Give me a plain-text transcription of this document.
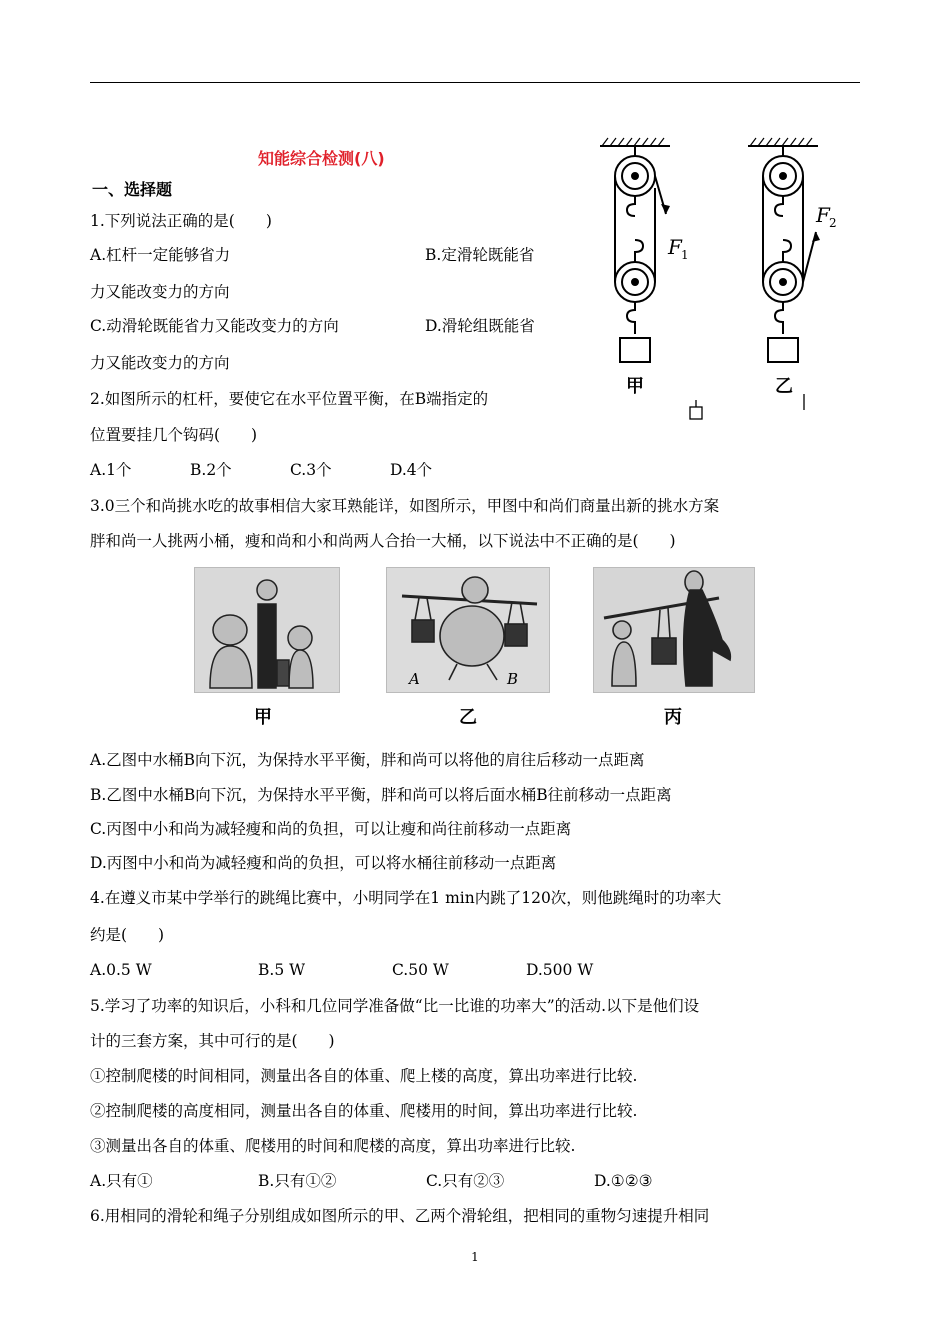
知能综合检测(八)
一、选择题
1.下列说法正确的是(　　)
A.杠杆一定能够省力	B.定滑轮既能省
力又能改变力的方向
C.动滑轮既能省力又能改变力的方向	D.滑轮组既能省
力又能改变力的方向
2.如图所示的杠杆，要使它在水平位置平衡，在B端指定的
位置要挂几个钩码(　　)
A.1个	B.2个	C.3个	D.4个
F 1
F 2
甲	乙
3.0三个和尚挑水吃的故事相信大家耳熟能详，如图所示，甲图中和尚们商量出新的挑水方案
胖和尚一人挑两小桶，瘦和尚和小和尚两人合抬一大桶，以下说法中不正确的是(　　)
A	B
甲	乙	丙
A.乙图中水桶B向下沉，为保持水平平衡，胖和尚可以将他的肩往后移动一点距离
B.乙图中水桶B向下沉，为保持水平平衡，胖和尚可以将后面水桶B往前移动一点距离
C.丙图中小和尚为减轻瘦和尚的负担，可以让瘦和尚往前移动一点距离
D.丙图中小和尚为减轻瘦和尚的负担，可以将水桶往前移动一点距离
4.在遵义市某中学举行的跳绳比赛中，小明同学在1 min内跳了120次，则他跳绳时的功率大
约是(　　)
A.0.5 W	B.5 W	C.50 W	D.500 W
5.学习了功率的知识后，小科和几位同学准备做“比一比谁的功率大”的活动.以下是他们设
计的三套方案，其中可行的是(　　)
①控制爬楼的时间相同，测量出各自的体重、爬上楼的高度，算出功率进行比较.
②控制爬楼的高度相同，测量出各自的体重、爬楼用的时间，算出功率进行比较.
③测量出各自的体重、爬楼用的时间和爬楼的高度，算出功率进行比较.
A.只有①	B.只有①②	C.只有②③	D.①②③
6.用相同的滑轮和绳子分别组成如图所示的甲、乙两个滑轮组，把相同的重物匀速提升相同
1
